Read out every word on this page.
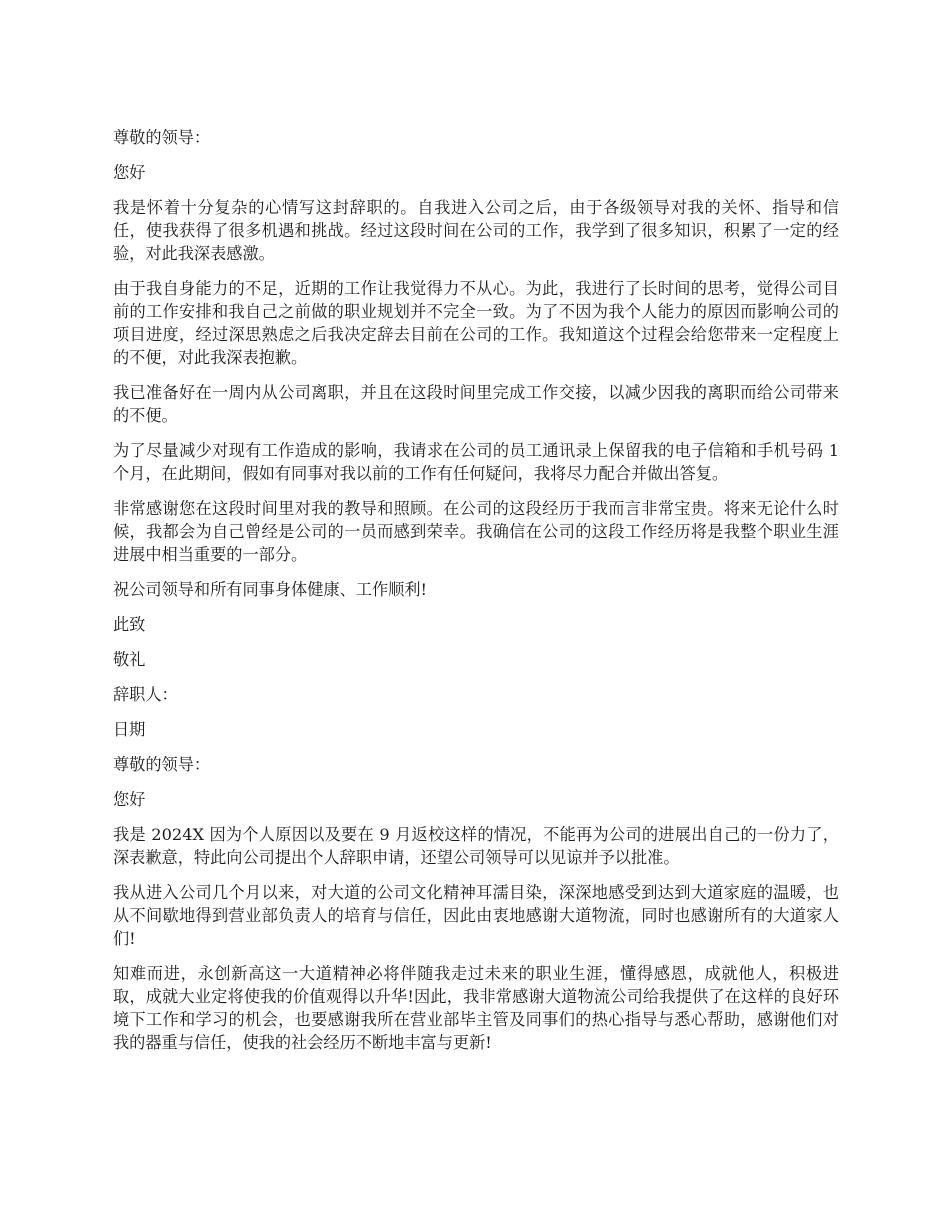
尊敬的领导：

您好

我是怀着十分复杂的心情写这封辞职的。自我进入公司之后，由于各级领导对我的关怀、指导和信任，使我获得了很多机遇和挑战。经过这段时间在公司的工作，我学到了很多知识，积累了一定的经验，对此我深表感激。

由于我自身能力的不足，近期的工作让我觉得力不从心。为此，我进行了长时间的思考，觉得公司目前的工作安排和我自己之前做的职业规划并不完全一致。为了不因为我个人能力的原因而影响公司的项目进度，经过深思熟虑之后我决定辞去目前在公司的工作。我知道这个过程会给您带来一定程度上的不便，对此我深表抱歉。

我已准备好在一周内从公司离职，并且在这段时间里完成工作交接，以减少因我的离职而给公司带来的不便。

为了尽量减少对现有工作造成的影响，我请求在公司的员工通讯录上保留我的电子信箱和手机号码 1 个月，在此期间，假如有同事对我以前的工作有任何疑问，我将尽力配合并做出答复。

非常感谢您在这段时间里对我的教导和照顾。在公司的这段经历于我而言非常宝贵。将来无论什么时候，我都会为自己曾经是公司的一员而感到荣幸。我确信在公司的这段工作经历将是我整个职业生涯进展中相当重要的一部分。

祝公司领导和所有同事身体健康、工作顺利!

此致

敬礼

辞职人：

日期

尊敬的领导：

您好

我是 2024X 因为个人原因以及要在 9 月返校这样的情况，不能再为公司的进展出自己的一份力了，深表歉意，特此向公司提出个人辞职申请，还望公司领导可以见谅并予以批准。

我从进入公司几个月以来，对大道的公司文化精神耳濡目染，深深地感受到达到大道家庭的温暖，也从不间歇地得到营业部负责人的培育与信任，因此由衷地感谢大道物流，同时也感谢所有的大道家人们!

知难而进，永创新高这一大道精神必将伴随我走过未来的职业生涯，懂得感恩，成就他人，积极进取，成就大业定将使我的价值观得以升华!因此，我非常感谢大道物流公司给我提供了在这样的良好环境下工作和学习的机会，也要感谢我所在营业部毕主管及同事们的热心指导与悉心帮助，感谢他们对我的器重与信任，使我的社会经历不断地丰富与更新!
